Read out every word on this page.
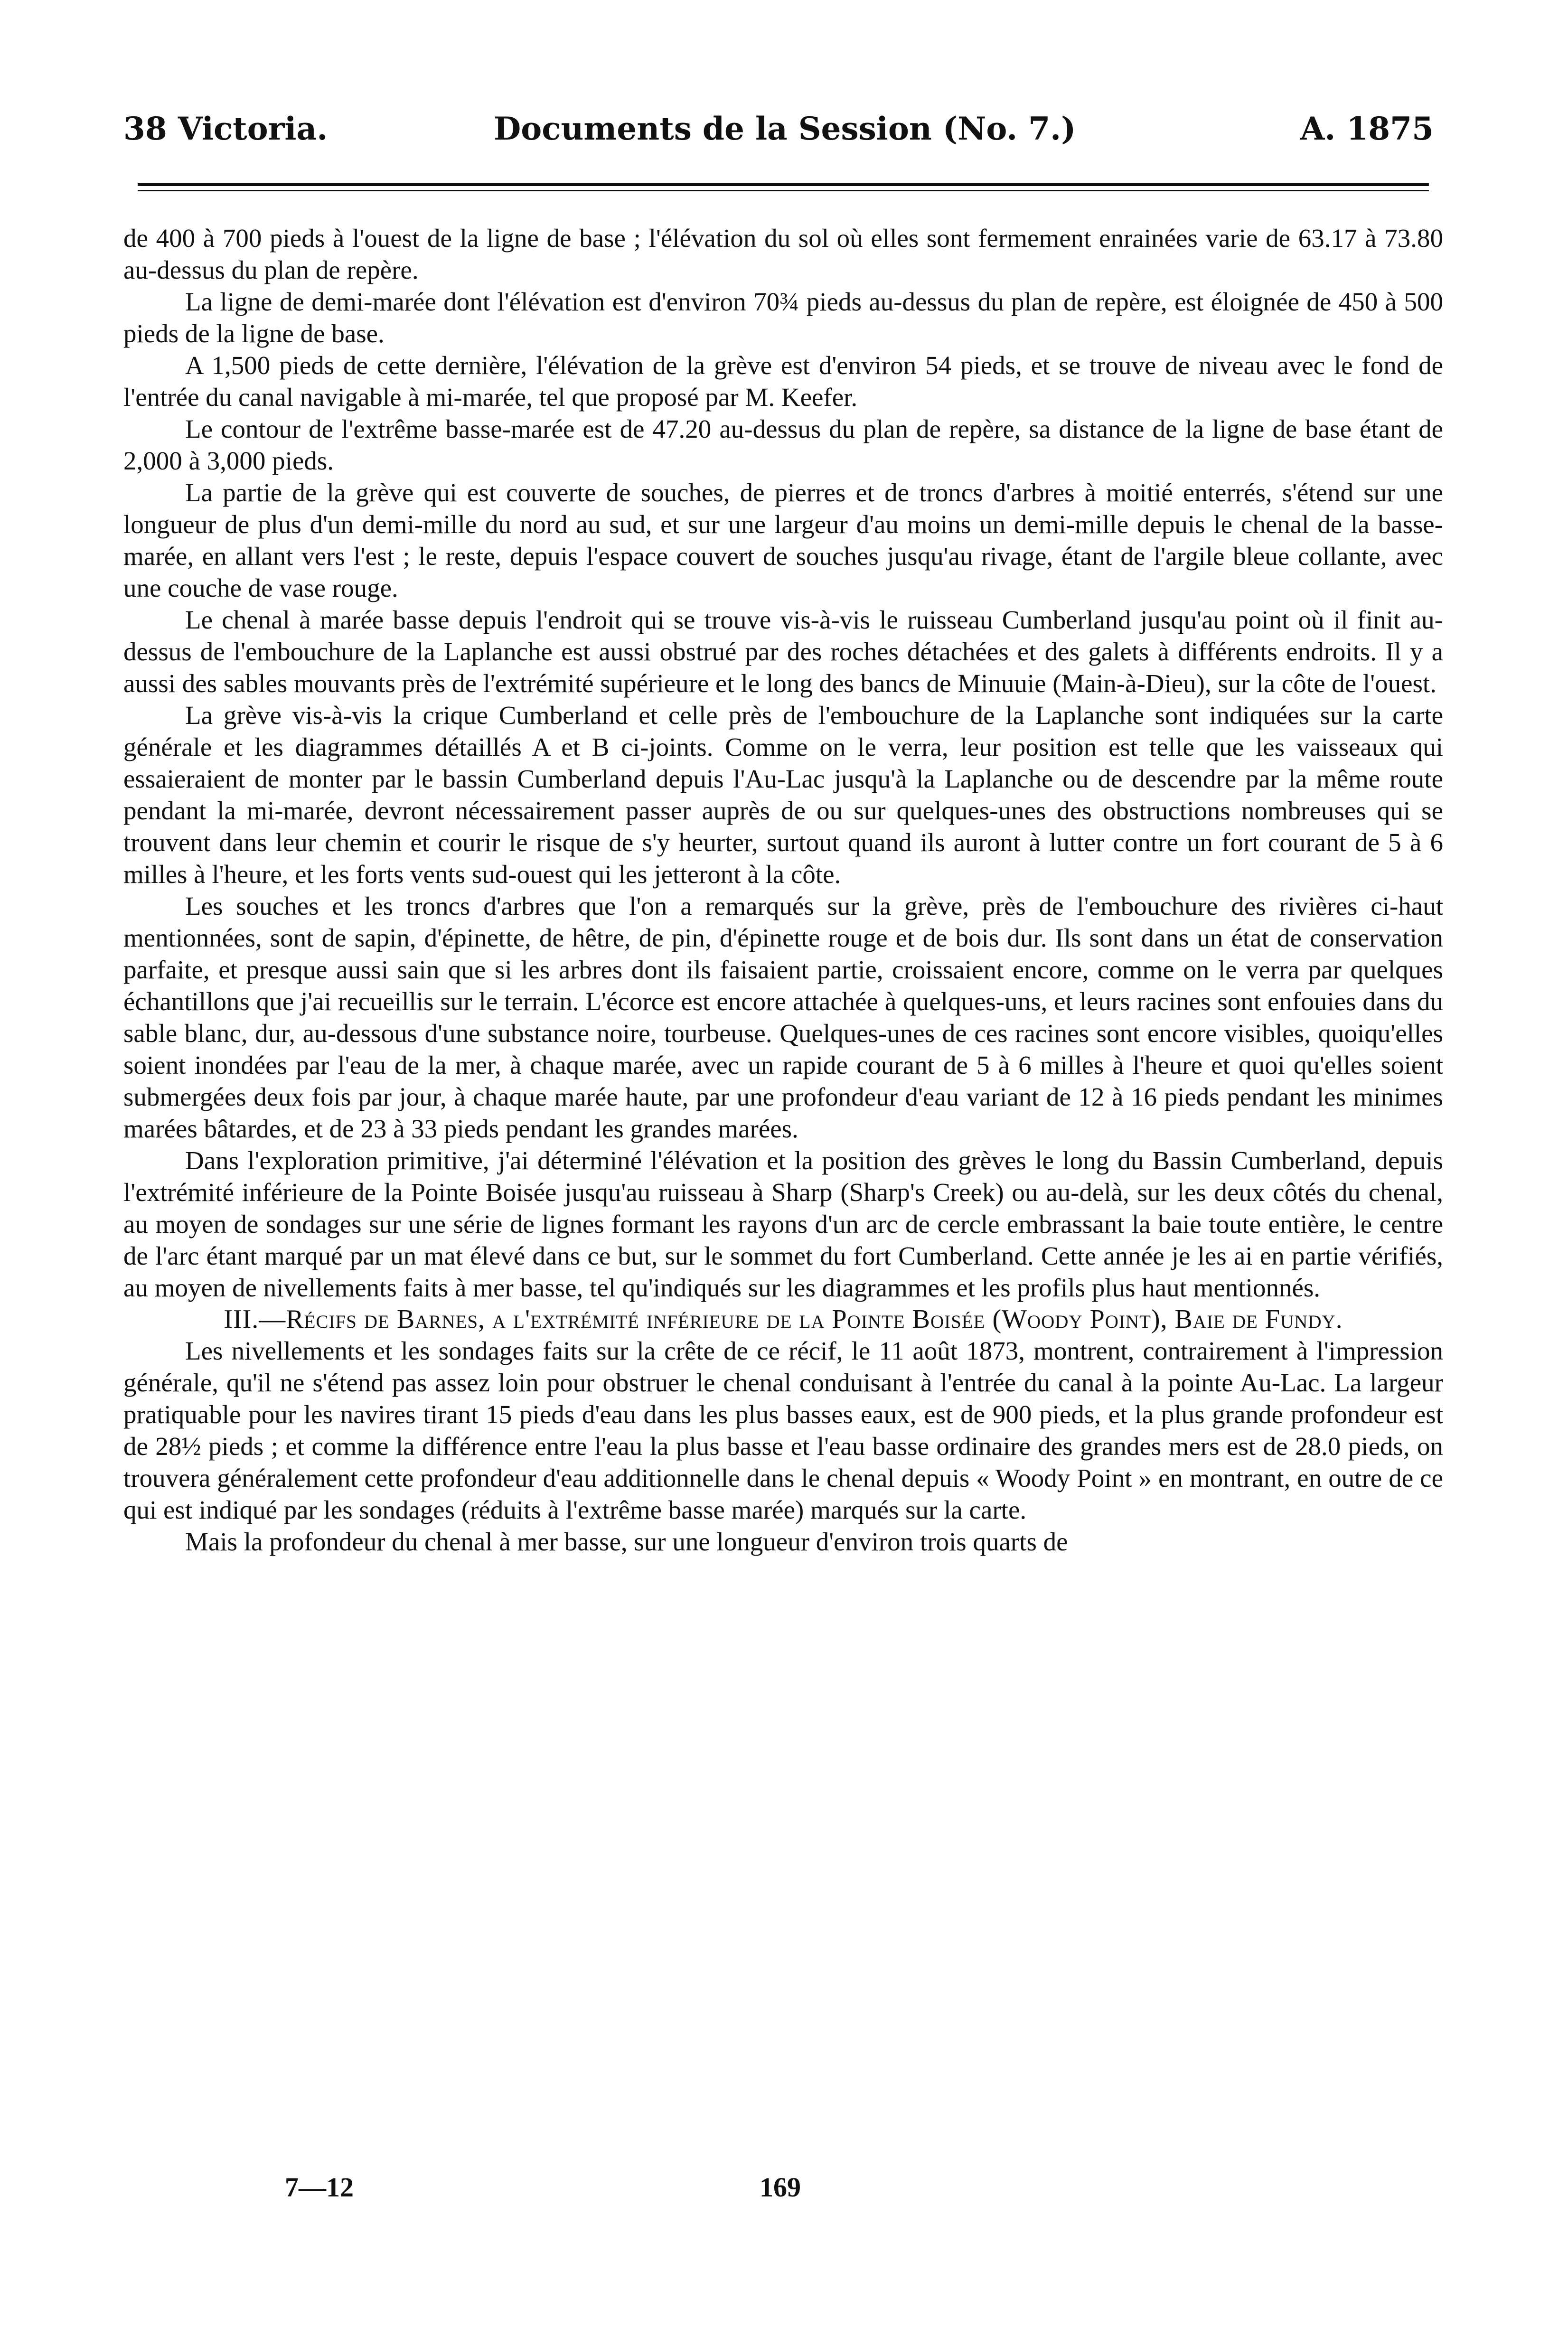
38 Victoria.	Documents de la Session (No. 7.)	A. 1875

de 400 à 700 pieds à l'ouest de la ligne de base ; l'élévation du sol où elles sont fermement enrainées varie de 63.17 à 73.80 au-dessus du plan de repère.

La ligne de demi-marée dont l'élévation est d'environ 70¾ pieds au-dessus du plan de repère, est éloignée de 450 à 500 pieds de la ligne de base.

A 1,500 pieds de cette dernière, l'élévation de la grève est d'environ 54 pieds, et se trouve de niveau avec le fond de l'entrée du canal navigable à mi-marée, tel que proposé par M. Keefer.

Le contour de l'extrême basse-marée est de 47.20 au-dessus du plan de repère, sa distance de la ligne de base étant de 2,000 à 3,000 pieds.

La partie de la grève qui est couverte de souches, de pierres et de troncs d'arbres à moitié enterrés, s'étend sur une longueur de plus d'un demi-mille du nord au sud, et sur une largeur d'au moins un demi-mille depuis le chenal de la basse-marée, en allant vers l'est ; le reste, depuis l'espace couvert de souches jusqu'au rivage, étant de l'argile bleue collante, avec une couche de vase rouge.

Le chenal à marée basse depuis l'endroit qui se trouve vis-à-vis le ruisseau Cumberland jusqu'au point où il finit au-dessus de l'embouchure de la Laplanche est aussi obstrué par des roches détachées et des galets à différents endroits. Il y a aussi des sables mouvants près de l'extrémité supérieure et le long des bancs de Minuuie (Main-à-Dieu), sur la côte de l'ouest.

La grève vis-à-vis la crique Cumberland et celle près de l'embouchure de la Laplanche sont indiquées sur la carte générale et les diagrammes détaillés A et B ci-joints. Comme on le verra, leur position est telle que les vaisseaux qui essaieraient de monter par le bassin Cumberland depuis l'Au-Lac jusqu'à la Laplanche ou de descendre par la même route pendant la mi-marée, devront nécessairement passer auprès de ou sur quelques-unes des obstructions nombreuses qui se trouvent dans leur chemin et courir le risque de s'y heurter, surtout quand ils auront à lutter contre un fort courant de 5 à 6 milles à l'heure, et les forts vents sud-ouest qui les jetteront à la côte.

Les souches et les troncs d'arbres que l'on a remarqués sur la grève, près de l'embouchure des rivières ci-haut mentionnées, sont de sapin, d'épinette, de hêtre, de pin, d'épinette rouge et de bois dur. Ils sont dans un état de conservation parfaite, et presque aussi sain que si les arbres dont ils faisaient partie, croissaient encore, comme on le verra par quelques échantillons que j'ai recueillis sur le terrain. L'écorce est encore attachée à quelques-uns, et leurs racines sont enfouies dans du sable blanc, dur, au-dessous d'une substance noire, tourbeuse. Quelques-unes de ces racines sont encore visibles, quoiqu'elles soient inondées par l'eau de la mer, à chaque marée, avec un rapide courant de 5 à 6 milles à l'heure et quoi qu'elles soient submergées deux fois par jour, à chaque marée haute, par une profondeur d'eau variant de 12 à 16 pieds pendant les minimes marées bâtardes, et de 23 à 33 pieds pendant les grandes marées.

Dans l'exploration primitive, j'ai déterminé l'élévation et la position des grèves le long du Bassin Cumberland, depuis l'extrémité inférieure de la Pointe Boisée jusqu'au ruisseau à Sharp (Sharp's Creek) ou au-delà, sur les deux côtés du chenal, au moyen de sondages sur une série de lignes formant les rayons d'un arc de cercle embrassant la baie toute entière, le centre de l'arc étant marqué par un mat élevé dans ce but, sur le sommet du fort Cumberland. Cette année je les ai en partie vérifiés, au moyen de nivellements faits à mer basse, tel qu'indiqués sur les diagrammes et les profils plus haut mentionnés.

III.—Récifs de Barnes, a l'extrémité inférieure de la Pointe Boisée (Woody Point), Baie de Fundy.

Les nivellements et les sondages faits sur la crête de ce récif, le 11 août 1873, montrent, contrairement à l'impression générale, qu'il ne s'étend pas assez loin pour obstruer le chenal conduisant à l'entrée du canal à la pointe Au-Lac. La largeur pratiquable pour les navires tirant 15 pieds d'eau dans les plus basses eaux, est de 900 pieds, et la plus grande profondeur est de 28½ pieds ; et comme la différence entre l'eau la plus basse et l'eau basse ordinaire des grandes mers est de 28.0 pieds, on trouvera généralement cette profondeur d'eau additionnelle dans le chenal depuis « Woody Point » en montrant, en outre de ce qui est indiqué par les sondages (réduits à l'extrême basse marée) marqués sur la carte.

Mais la profondeur du chenal à mer basse, sur une longueur d'environ trois quarts de

7—12	169
